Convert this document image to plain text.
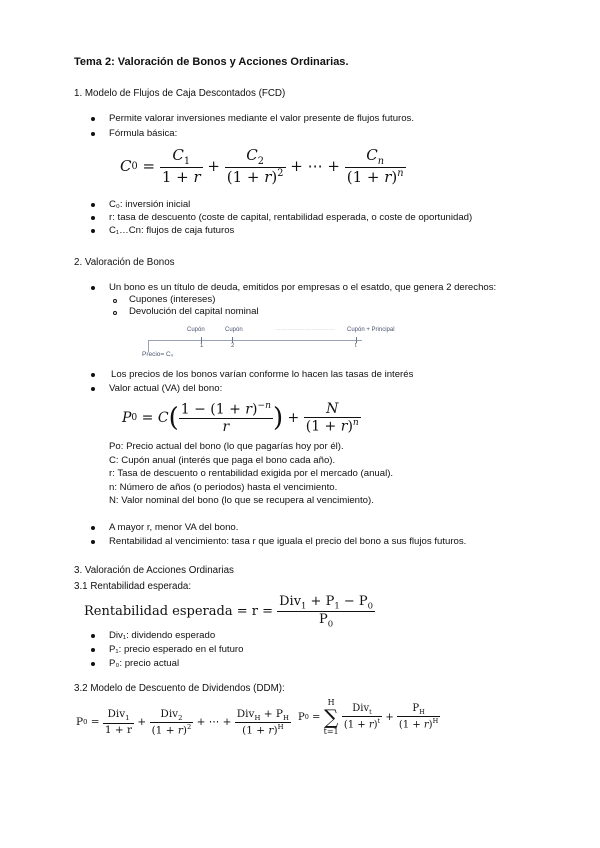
Tema 2: Valoración de Bonos y Acciones Ordinarias.
1. Modelo de Flujos de Caja Descontados (FCD)
Permite valorar inversiones mediante el valor presente de flujos futuros.
Fórmula básica:
C $0 = \frac{C_1}{1 + r} + \frac{C_2}{(1 + r)^2}$ + ⋯ + $\frac{C_n}{(1 + r)^n}$
C₀: inversión inicial
r: tasa de descuento (coste de capital, rentabilidad esperada, o coste de oportunidad)
C₁…Cn: flujos de caja futuros
2. Valoración de Bonos
Un bono es un título de deuda, emitidos por empresas o el esatdo, que genera 2 derechos:
Cupones (intereses)
Devolución del capital nominal
Cupón	Cupón	………………………… Cupón + Principal
1	2	t
Precio= C₀
Los precios de los bonos varían conforme lo hacen las tasas de interés
Valor actual (VA) del bono:
P 0 = C ( $\frac{1 - (1 + r)^{-n}}{r}$ ) + $\frac{N}{(1 + r)^n}$
Po: Precio actual del bono (lo que pagarías hoy por él).
C: Cupón anual (interés que paga el bono cada año).
r: Tasa de descuento o rentabilidad exigida por el mercado (anual).
n: Número de años (o periodos) hasta el vencimiento.
N: Valor nominal del bono (lo que se recupera al vencimiento).
A mayor r, menor VA del bono.
Rentabilidad al vencimiento: tasa r que iguala el precio del bono a sus flujos futuros.
3. Valoración de Acciones Ordinarias
3.1 Rentabilidad esperada:
Rentabilidad esperada = $r = \frac{Div_1 + P_1 - P_0}{P_0}$
Div₁: dividendo esperado
P₁: precio esperado en el futuro
P₀: precio actual
3.2 Modelo de Descuento de Dividendos (DDM):
P $0 = \frac{Div_1}{1 + r} + \frac{Div_2}{(1 + r)^2}$ + ⋯ + $\frac{Div_H + P_H}{(1 + r)^H}$ P 0 =
H
∑
t=1

$\frac{Div_t}{(1 + r)^t} + \frac{P_H}{(1 + r)^H}$
